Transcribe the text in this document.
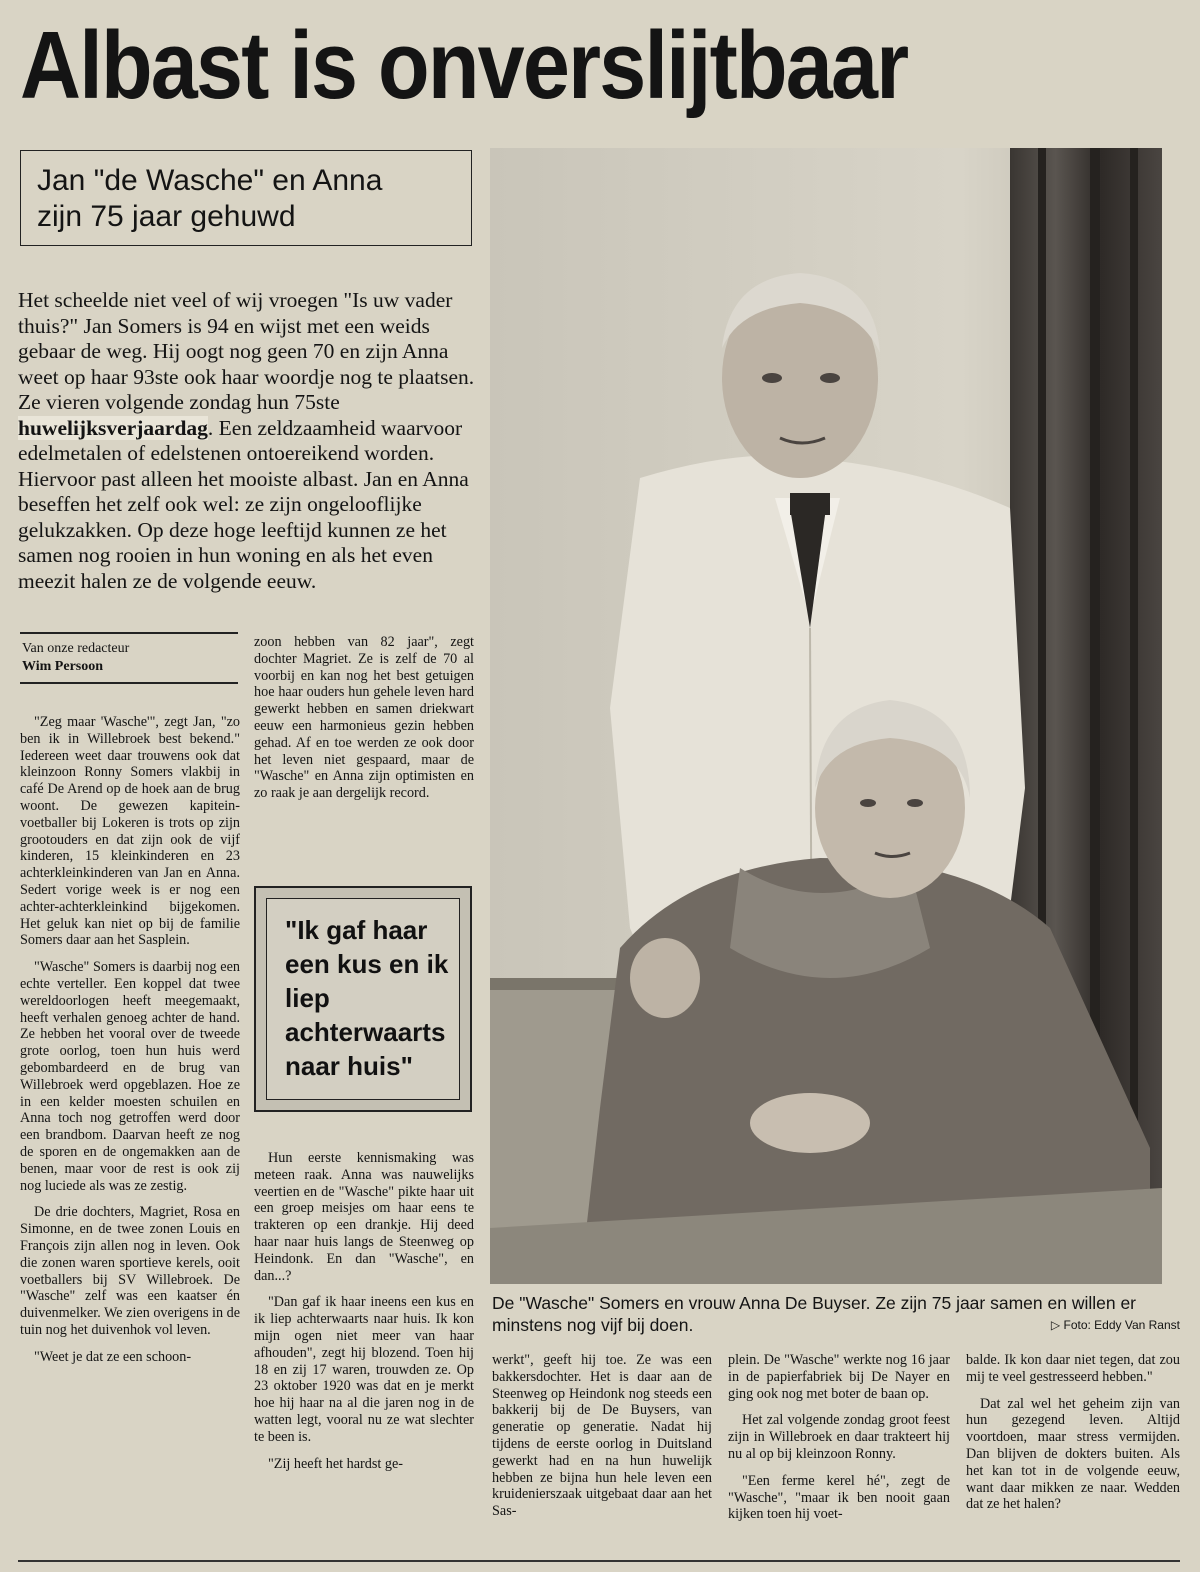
Albast is onverslijtbaar
Jan "de Wasche" en Anna
zijn 75 jaar gehuwd

Het scheelde niet veel of wij vroegen "Is uw vader thuis?" Jan Somers is 94 en wijst met een weids gebaar de weg. Hij oogt nog geen 70 en zijn Anna weet op haar 93ste ook haar woordje nog te plaatsen. Ze vieren volgende zondag hun 75ste huwelijksverjaardag. Een zeldzaamheid waarvoor edelmetalen of edelstenen ontoereikend worden. Hiervoor past alleen het mooiste albast. Jan en Anna beseffen het zelf ook wel: ze zijn ongelooflijke gelukzakken. Op deze hoge leeftijd kunnen ze het samen nog rooien in hun woning en als het even meezit halen ze de volgende eeuw.

Van onze redacteur
Wim Persoon

"Zeg maar 'Wasche'", zegt Jan, "zo ben ik in Willebroek best bekend." Iedereen weet daar trouwens ook dat kleinzoon Ronny Somers vlakbij in café De Arend op de hoek aan de brug woont. De gewezen kapitein-voetballer bij Lokeren is trots op zijn grootouders en dat zijn ook de vijf kinderen, 15 kleinkinderen en 23 achterkleinkinderen van Jan en Anna. Sedert vorige week is er nog een achter-achterkleinkind bijgekomen. Het geluk kan niet op bij de familie Somers daar aan het Sasplein.

"Wasche" Somers is daarbij nog een echte verteller. Een koppel dat twee wereldoorlogen heeft meegemaakt, heeft verhalen genoeg achter de hand. Ze hebben het vooral over de tweede grote oorlog, toen hun huis werd gebombardeerd en de brug van Willebroek werd opgeblazen. Hoe ze in een kelder moesten schuilen en Anna toch nog getroffen werd door een brandbom. Daarvan heeft ze nog de sporen en de ongemakken aan de benen, maar voor de rest is ook zij nog luciede als was ze zestig.

De drie dochters, Magriet, Rosa en Simonne, en de twee zonen Louis en François zijn allen nog in leven. Ook die zonen waren sportieve kerels, ooit voetballers bij SV Willebroek. De "Wasche" zelf was een kaatser én duivenmelker. We zien overigens in de tuin nog het duivenhok vol leven.

"Weet je dat ze een schoon-

zoon hebben van 82 jaar", zegt dochter Magriet. Ze is zelf de 70 al voorbij en kan nog het best getuigen hoe haar ouders hun gehele leven hard gewerkt hebben en samen driekwart eeuw een harmonieus gezin hebben gehad. Af en toe werden ze ook door het leven niet gespaard, maar de "Wasche" en Anna zijn optimisten en zo raak je aan dergelijk record.

"Ik gaf haar een kus en ik liep achterwaarts naar huis"

Hun eerste kennismaking was meteen raak. Anna was nauwelijks veertien en de "Wasche" pikte haar uit een groep meisjes om haar eens te trakteren op een drankje. Hij deed haar naar huis langs de Steenweg op Heindonk. En dan "Wasche", en dan...?

"Dan gaf ik haar ineens een kus en ik liep achterwaarts naar huis. Ik kon mijn ogen niet meer van haar afhouden", zegt hij blozend. Toen hij 18 en zij 17 waren, trouwden ze. Op 23 oktober 1920 was dat en je merkt hoe hij haar na al die jaren nog in de watten legt, vooral nu ze wat slechter te been is.

"Zij heeft het hardst ge-

De "Wasche" Somers en vrouw Anna De Buyser. Ze zijn 75 jaar samen en willen er minstens nog vijf bij doen.	▷ Foto: Eddy Van Ranst

werkt", geeft hij toe. Ze was een bakkersdochter. Het is daar aan de Steenweg op Heindonk nog steeds een bakkerij bij de De Buysers, van generatie op generatie. Nadat hij tijdens de eerste oorlog in Duitsland gewerkt had en na hun huwelijk hebben ze bijna hun hele leven een kruidenierszaak uitgebaat daar aan het Sas-

plein. De "Wasche" werkte nog 16 jaar in de papierfabriek bij De Nayer en ging ook nog met boter de baan op.

Het zal volgende zondag groot feest zijn in Willebroek en daar trakteert hij nu al op bij kleinzoon Ronny.

"Een ferme kerel hé", zegt de "Wasche", "maar ik ben nooit gaan kijken toen hij voet-

balde. Ik kon daar niet tegen, dat zou mij te veel gestresseerd hebben."

Dat zal wel het geheim zijn van hun gezegend leven. Altijd voortdoen, maar stress vermijden. Dan blijven de dokters buiten. Als het kan tot in de volgende eeuw, want daar mikken ze naar. Wedden dat ze het halen?
